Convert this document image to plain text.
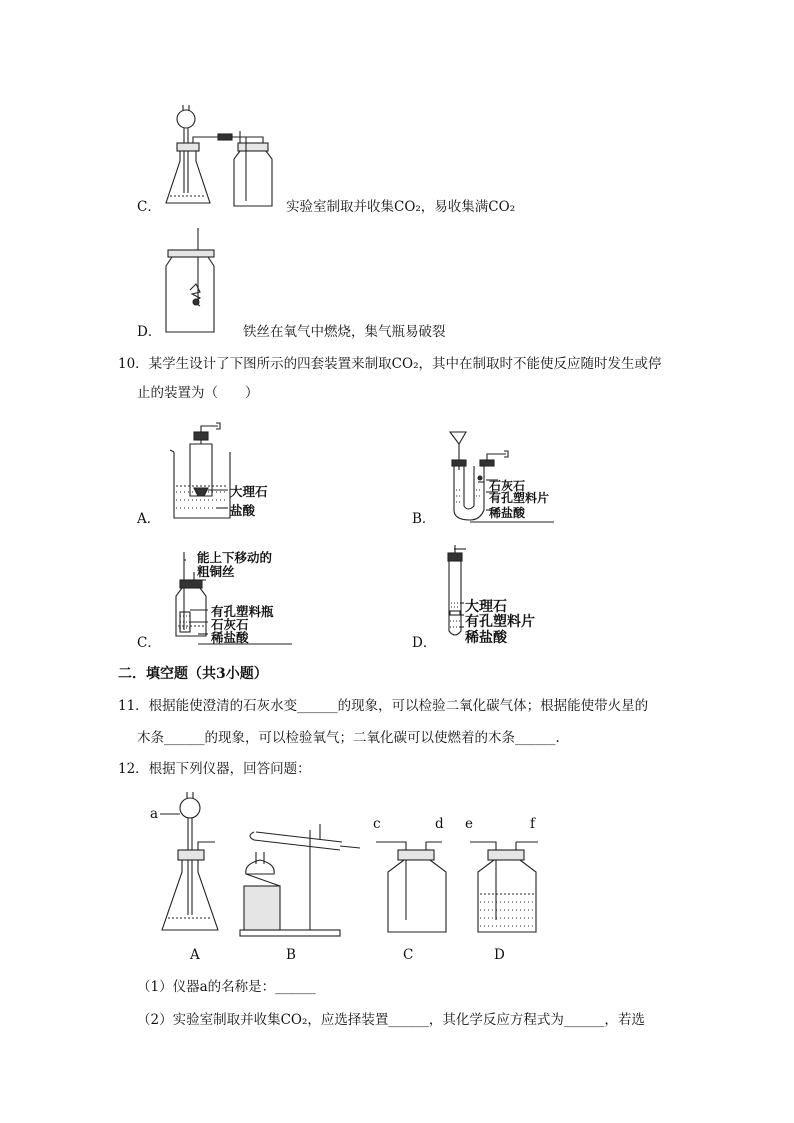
C．	实验室制取并收集CO₂，易收集满CO₂
D．	铁丝在氧气中燃烧，集气瓶易破裂
10．某学生设计了下图所示的四套装置来制取CO₂，其中在制取时不能使反应随时发生或停
止的装置为（　　）
大理石
盐酸
A．
石灰石
有孔塑料片
稀盐酸
B．
能上下移动的
粗铜丝
有孔塑料瓶
石灰石
稀盐酸
C．
大理石
有孔塑料片
稀盐酸
D．
二．填空题（共3小题）
11．根据能使澄清的石灰水变______的现象，可以检验二氧化碳气体；根据能使带火星的
木条______的现象，可以检验氧气；二氧化碳可以使燃着的木条______.
12．根据下列仪器，回答问题：
a
c	d e	f
A	B	C	D
（1）仪器a的名称是：______
（2）实验室制取并收集CO₂，应选择装置______，其化学反应方程式为______，若选
